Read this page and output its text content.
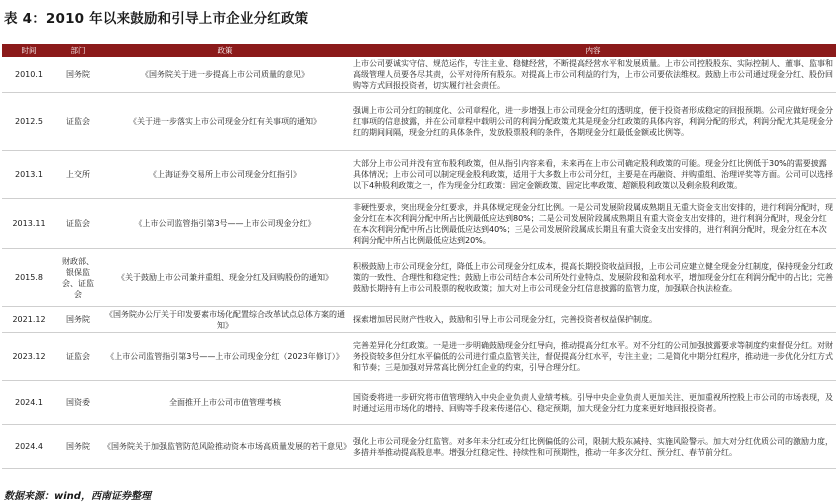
表 4：2010 年以来鼓励和引导上市企业分红政策
时间	部门	政策	内容
2010.1	国务院	《国务院关于进一步提高上市公司质量的意见》	上市公司要诚实守信、规范运作，专注主业、稳健经营，不断提高经营水平和发展质量。上市公司控股股东、实际控制人、董事、监事和高级管理人员要各尽其责，公平对待所有股东。对提高上市公司利益的行为，上市公司要依法维权。鼓励上市公司通过现金分红、股份回购等方式回报投资者，切实履行社会责任。
2012.5	证监会	《关于进一步落实上市公司现金分红有关事项的通知》	强调上市公司分红的制度化、公司章程化，进一步增强上市公司现金分红的透明度，便于投资者形成稳定的回报预期。公司应做好现金分红事项的信息披露，并在公司章程中载明公司的利润分配政策尤其是现金分红政策的具体内容，利润分配的形式，利润分配尤其是现金分红的期间间隔，现金分红的具体条件，发放股票股利的条件，各期现金分红最低金额或比例等。
2013.1	上交所	《上海证券交易所上市公司现金分红指引》	大部分上市公司并没有宣布股利政策，但从指引内容来看，未来再在上市公司确定股利政策的可能。现金分红比例低于30%的需要披露具体情况；上市公司可以制定现金股利政策，适用于大多数上市公司分红，主要是在再融资、并购重组、治理评奖等方面。公司可以选择以下4种股利政策之一，作为现金分红政策：固定金额政策、固定比率政策、超额股利政策以及剩余股利政策。
2013.11	证监会	《上市公司监管指引第3号——上市公司现金分红》	非硬性要求，突出现金分红要求，并具体规定现金分红比例。一是公司发展阶段属成熟期且无重大资金支出安排的，进行利润分配时，现金分红在本次利润分配中所占比例最低应达到80%；二是公司发展阶段属成熟期且有重大资金支出安排的，进行利润分配时，现金分红在本次利润分配中所占比例最低应达到40%；三是公司发展阶段属成长期且有重大资金支出安排的，进行利润分配时，现金分红在本次利润分配中所占比例最低应达到20%。
2015.8	财政部、银保监会、证监会	《关于鼓励上市公司兼并重组、现金分红及回购股份的通知》	积极鼓励上市公司现金分红，降低上市公司现金分红成本，提高长期投资收益回报，上市公司应建立健全现金分红制度，保持现金分红政策的一致性、合理性和稳定性；鼓励上市公司结合本公司所处行业特点、发展阶段和盈利水平，增加现金分红在利润分配中的占比；完善鼓励长期持有上市公司股票的税收政策；加大对上市公司现金分红信息披露的监管力度，加强联合执法检查。
2021.12	国务院	《国务院办公厅关于印发要素市场化配置综合改革试点总体方案的通知》	探索增加居民财产性收入，鼓励和引导上市公司现金分红，完善投资者权益保护制度。
2023.12	证监会	《上市公司监管指引第3号——上市公司现金分红（2023年修订）》	完善差异化分红政策。一是进一步明确鼓励现金分红导向，推动提高分红水平。对不分红的公司加强披露要求等制度约束督促分红。对财务投资较多但分红水平偏低的公司进行重点监管关注，督促提高分红水平，专注主业；二是简化中期分红程序，推动进一步优化分红方式和节奏；三是加强对异常高比例分红企业的约束，引导合理分红。
2024.1	国资委	全面推开上市公司市值管理考核	国资委将进一步研究将市值管理纳入中央企业负责人业绩考核。引导中央企业负责人更加关注、更加重视所控股上市公司的市场表现，及时通过运用市场化的增持、回购等手段来传递信心、稳定预期，加大现金分红力度来更好地回报投资者。
2024.4	国务院	《国务院关于加强监管防范风险推动资本市场高质量发展的若干意见》	强化上市公司现金分红监管。对多年未分红或分红比例偏低的公司，限制大股东减持、实施风险警示。加大对分红优质公司的激励力度，多措并举推动提高股息率。增强分红稳定性、持续性和可预期性，推动一年多次分红、预分红、春节前分红。
数据来源：wind，西南证券整理
